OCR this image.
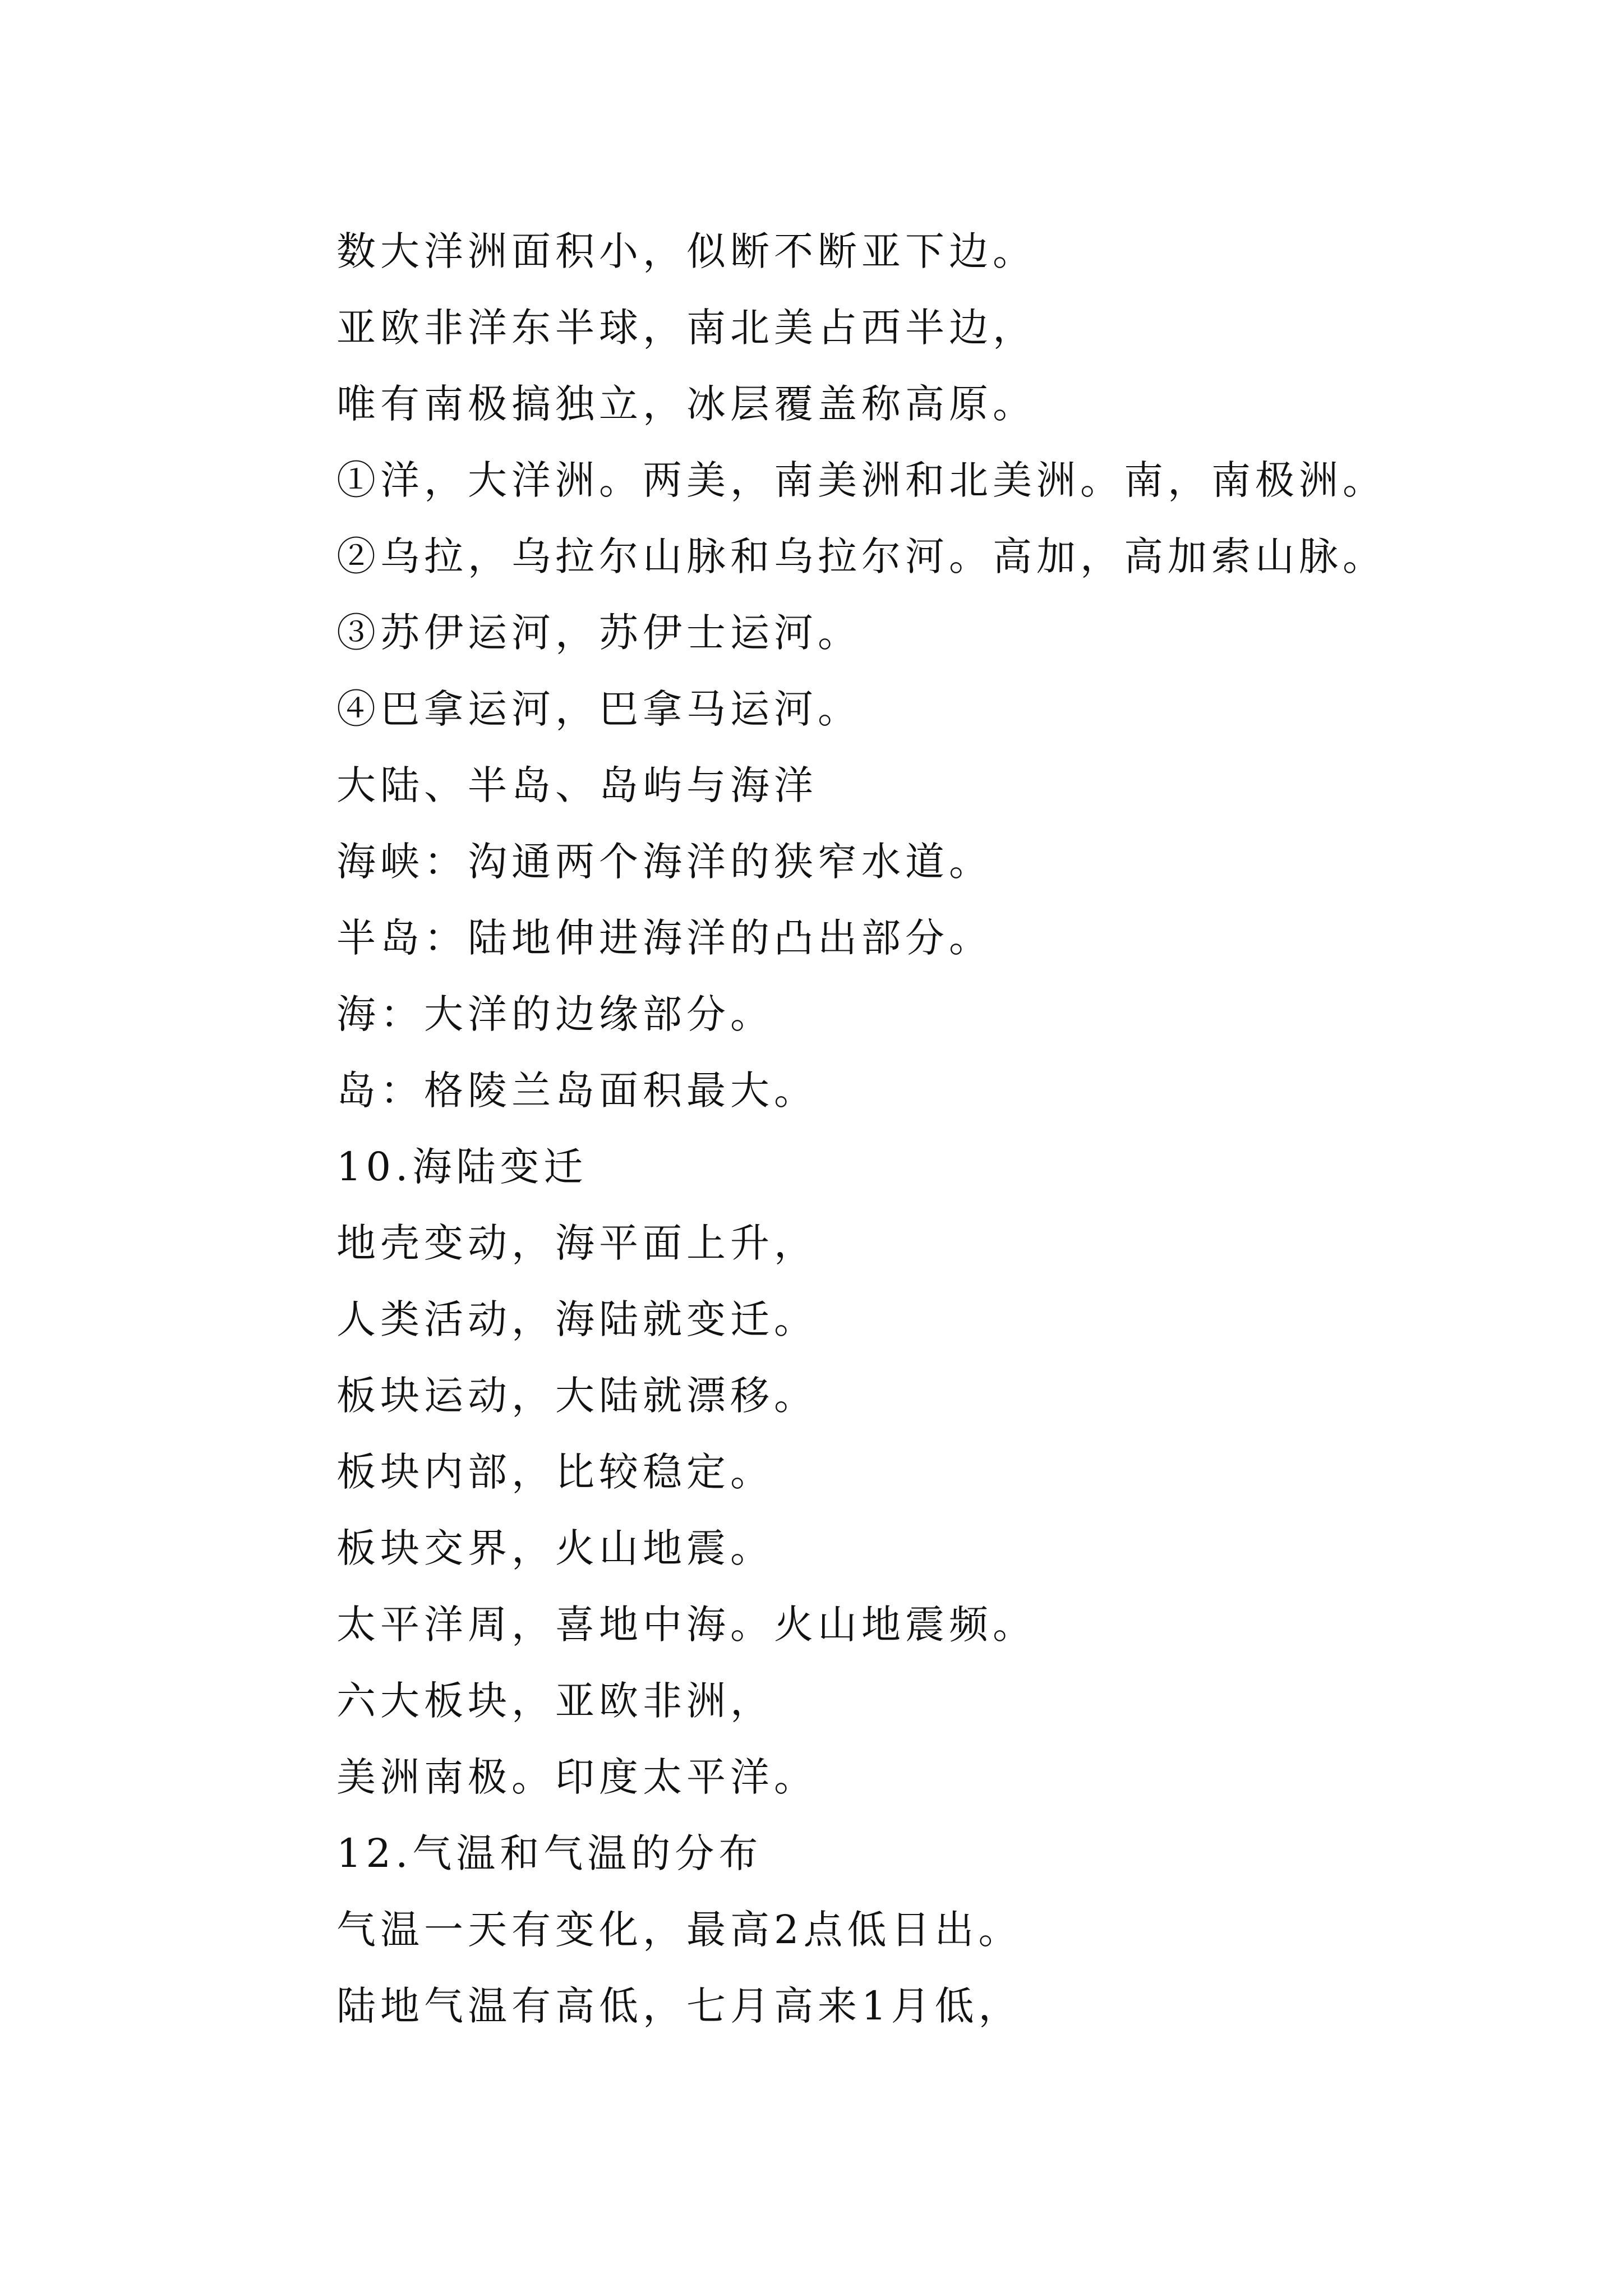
数大洋洲面积小，似断不断亚下边。
亚欧非洋东半球，南北美占西半边，
唯有南极搞独立，冰层覆盖称高原。
①洋，大洋洲。两美，南美洲和北美洲。南，南极洲。
②乌拉，乌拉尔山脉和乌拉尔河。高加，高加索山脉。
③苏伊运河，苏伊士运河。
④巴拿运河，巴拿马运河。
大陆、半岛、岛屿与海洋
海峡：沟通两个海洋的狭窄水道。
半岛：陆地伸进海洋的凸出部分。
海：大洋的边缘部分。
岛：格陵兰岛面积最大。
10.海陆变迁
地壳变动，海平面上升，
人类活动，海陆就变迁。
板块运动，大陆就漂移。
板块内部，比较稳定。
板块交界，火山地震。
太平洋周，喜地中海。火山地震频。
六大板块，亚欧非洲，
美洲南极。印度太平洋。
12.气温和气温的分布
气温一天有变化，最高2点低日出。
陆地气温有高低，七月高来1月低，
